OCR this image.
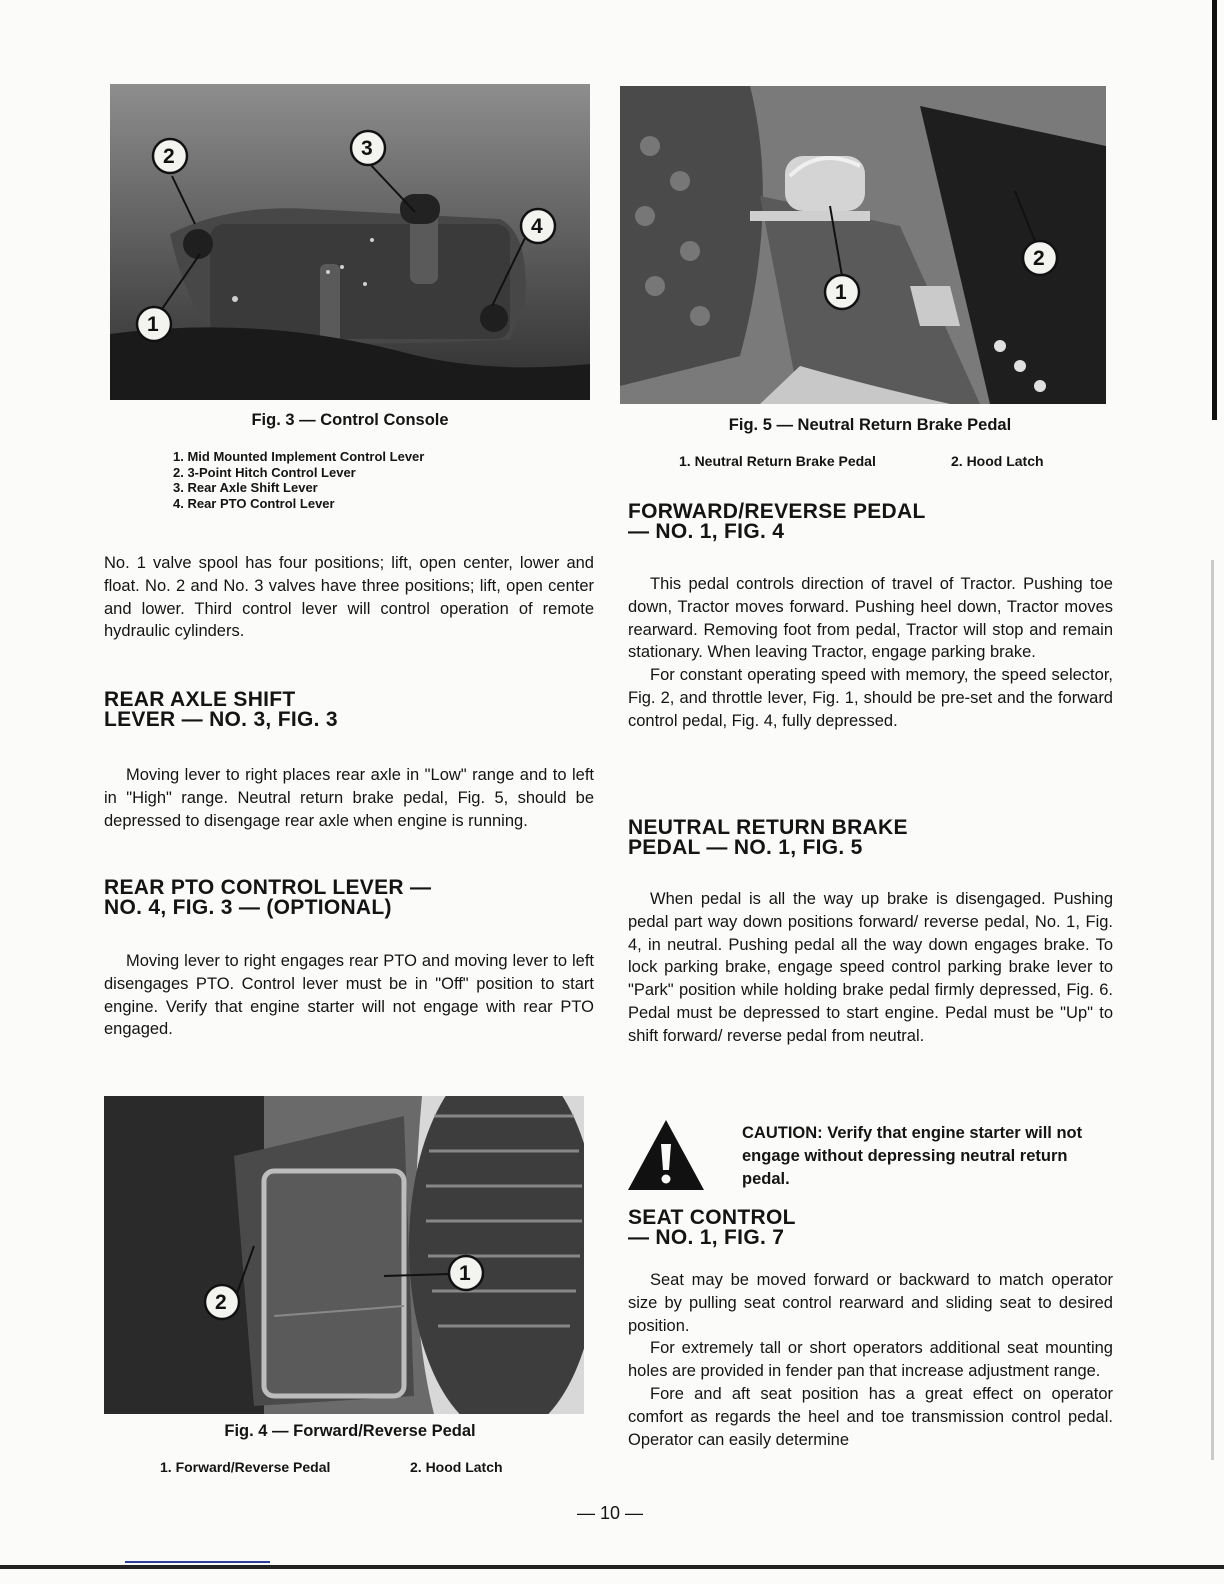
2	3
4
1
Fig. 3 — Control Console
1. Mid Mounted Implement Control Lever
2. 3-Point Hitch Control Lever
3. Rear Axle Shift Lever
4. Rear PTO Control Lever

No. 1 valve spool has four positions; lift, open center, lower and float. No. 2 and No. 3 valves have three positions; lift, open center and lower. Third control lever will control operation of remote hydraulic cylinders.

REAR AXLE SHIFT
LEVER — NO. 3, FIG. 3

Moving lever to right places rear axle in "Low" range and to left in "High" range. Neutral return brake pedal, Fig. 5, should be depressed to disengage rear axle when engine is running.

REAR PTO CONTROL LEVER —
NO. 4, FIG. 3 — (OPTIONAL)

Moving lever to right engages rear PTO and moving lever to left disengages PTO. Control lever must be in "Off" position to start engine. Verify that engine starter will not engage with rear PTO engaged.

1
2
Fig. 4 — Forward/Reverse Pedal
1. Forward/Reverse Pedal	2. Hood Latch
1
2
Fig. 5 — Neutral Return Brake Pedal
1. Neutral Return Brake Pedal	2. Hood Latch
FORWARD/REVERSE PEDAL
— NO. 1, FIG. 4

This pedal controls direction of travel of Tractor. Pushing toe down, Tractor moves forward. Pushing heel down, Tractor moves rearward. Removing foot from pedal, Tractor will stop and remain stationary. When leaving Tractor, engage parking brake.

For constant operating speed with memory, the speed selector, Fig. 2, and throttle lever, Fig. 1, should be pre-set and the forward control pedal, Fig. 4, fully depressed.

NEUTRAL RETURN BRAKE
PEDAL — NO. 1, FIG. 5

When pedal is all the way up brake is disengaged. Pushing pedal part way down positions forward/ reverse pedal, No. 1, Fig. 4, in neutral. Pushing pedal all the way down engages brake. To lock parking brake, engage speed control parking brake lever to "Park" position while holding brake pedal firmly depressed, Fig. 6. Pedal must be depressed to start engine. Pedal must be "Up" to shift forward/ reverse pedal from neutral.

CAUTION: Verify that engine starter will not engage without depressing neutral return pedal.
SEAT CONTROL
— NO. 1, FIG. 7

Seat may be moved forward or backward to match operator size by pulling seat control rearward and sliding seat to desired position.

For extremely tall or short operators additional seat mounting holes are provided in fender pan that increase adjustment range.

Fore and aft seat position has a great effect on operator comfort as regards the heel and toe transmission control pedal. Operator can easily determine

— 10 —
